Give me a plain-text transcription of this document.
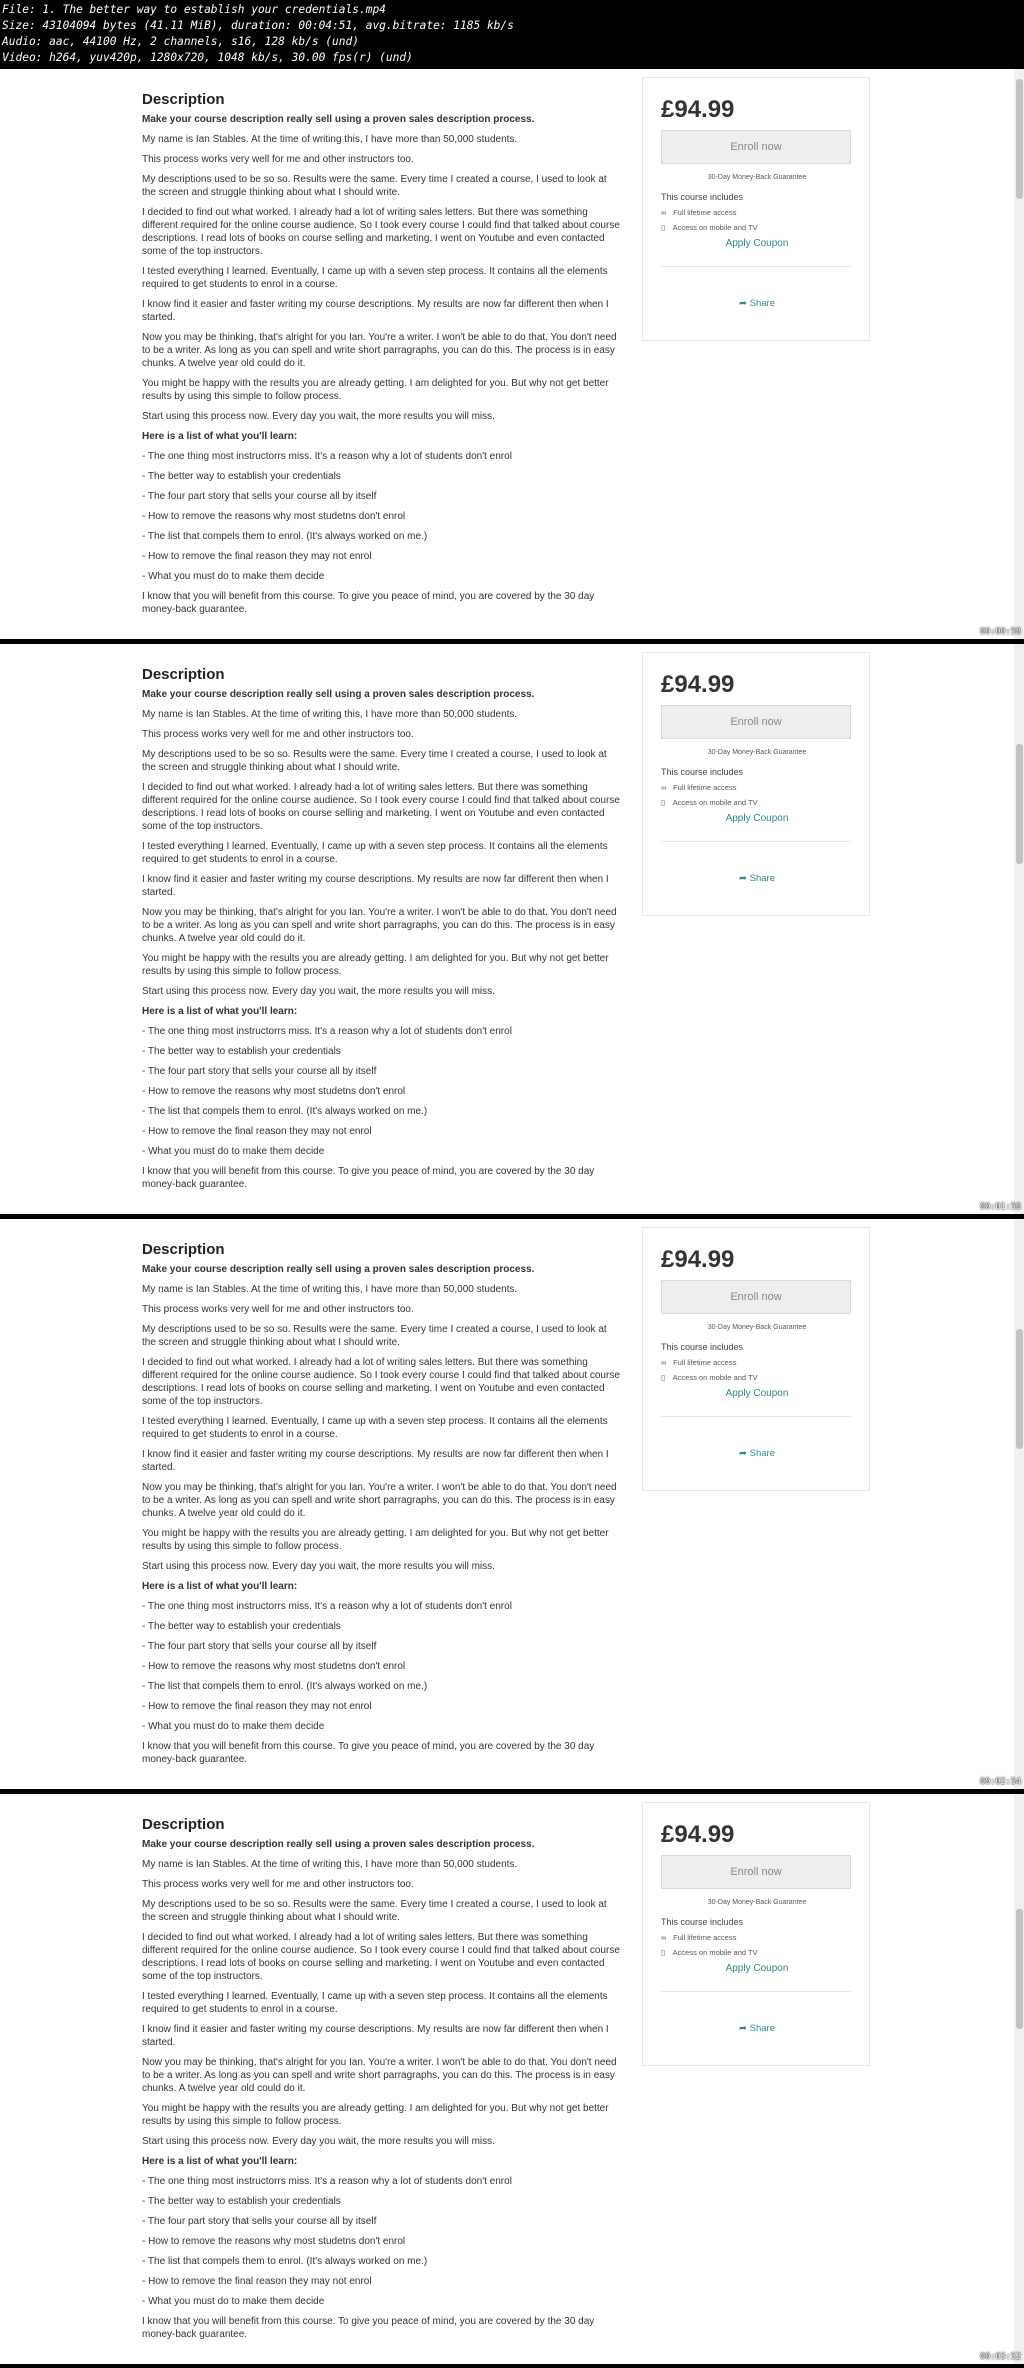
File: 1. The better way to establish your credentials.mp4
Size: 43104094 bytes (41.11 MiB), duration: 00:04:51, avg.bitrate: 1185 kb/s
Audio: aac, 44100 Hz, 2 channels, s16, 128 kb/s (und)
Video: h264, yuv420p, 1280x720, 1048 kb/s, 30.00 fps(r) (und)
Description

Make your course description really sell using a proven sales description process.

My name is Ian Stables. At the time of writing this, I have more than 50,000 students.

This process works very well for me and other instructors too.

My descriptions used to be so so. Results were the same. Every time I created a course, I used to look at the screen and struggle thinking about what I should write.

I decided to find out what worked. I already had a lot of writing sales letters. But there was something different required for the online course audience. So I took every course I could find that talked about course descriptions. I read lots of books on course selling and marketing. I went on Youtube and even contacted some of the top instructors.

I tested everything I learned. Eventually, I came up with a seven step process. It contains all the elements required to get students to enrol in a course.

I know find it easier and faster writing my course descriptions. My results are now far different then when I started.

Now you may be thinking, that's alright for you Ian. You're a writer. I won't be able to do that. You don't need to be a writer. As long as you can spell and write short parragraphs, you can do this. The process is in easy chunks. A twelve year old could do it.

You might be happy with the results you are already getting. I am delighted for you. But why not get better results by using this simple to follow process.

Start using this process now. Every day you wait, the more results you will miss.

Here is a list of what you'll learn:

- The one thing most instructorrs miss. It's a reason why a lot of students don't enrol

- The better way to establish your credentials

- The four part story that sells your course all by itself

- How to remove the reasons why most studetns don't enrol

- The list that compels them to enrol. (It's always worked on me.)

- How to remove the final reason they may not enrol

- What you must do to make them decide

I know that you will benefit from this course. To give you peace of mind, you are covered by the 30 day money-back guarantee.

£94.99
Enroll now
30-Day Money-Back Guarantee
This course includes
∞ Full lifetime access
▯ Access on mobile and TV
Apply Coupon
➦ Share
00:00:58
Description

Make your course description really sell using a proven sales description process.

My name is Ian Stables. At the time of writing this, I have more than 50,000 students.

This process works very well for me and other instructors too.

My descriptions used to be so so. Results were the same. Every time I created a course, I used to look at the screen and struggle thinking about what I should write.

I decided to find out what worked. I already had a lot of writing sales letters. But there was something different required for the online course audience. So I took every course I could find that talked about course descriptions. I read lots of books on course selling and marketing. I went on Youtube and even contacted some of the top instructors.

I tested everything I learned. Eventually, I came up with a seven step process. It contains all the elements required to get students to enrol in a course.

I know find it easier and faster writing my course descriptions. My results are now far different then when I started.

Now you may be thinking, that's alright for you Ian. You're a writer. I won't be able to do that. You don't need to be a writer. As long as you can spell and write short parragraphs, you can do this. The process is in easy chunks. A twelve year old could do it.

You might be happy with the results you are already getting. I am delighted for you. But why not get better results by using this simple to follow process.

Start using this process now. Every day you wait, the more results you will miss.

Here is a list of what you'll learn:

- The one thing most instructorrs miss. It's a reason why a lot of students don't enrol

- The better way to establish your credentials

- The four part story that sells your course all by itself

- How to remove the reasons why most studetns don't enrol

- The list that compels them to enrol. (It's always worked on me.)

- How to remove the final reason they may not enrol

- What you must do to make them decide

I know that you will benefit from this course. To give you peace of mind, you are covered by the 30 day money-back guarantee.

£94.99
Enroll now
30-Day Money-Back Guarantee
This course includes
∞ Full lifetime access
▯ Access on mobile and TV
Apply Coupon
➦ Share
00:01:56
Description

Make your course description really sell using a proven sales description process.

My name is Ian Stables. At the time of writing this, I have more than 50,000 students.

This process works very well for me and other instructors too.

My descriptions used to be so so. Results were the same. Every time I created a course, I used to look at the screen and struggle thinking about what I should write.

I decided to find out what worked. I already had a lot of writing sales letters. But there was something different required for the online course audience. So I took every course I could find that talked about course descriptions. I read lots of books on course selling and marketing. I went on Youtube and even contacted some of the top instructors.

I tested everything I learned. Eventually, I came up with a seven step process. It contains all the elements required to get students to enrol in a course.

I know find it easier and faster writing my course descriptions. My results are now far different then when I started.

Now you may be thinking, that's alright for you Ian. You're a writer. I won't be able to do that. You don't need to be a writer. As long as you can spell and write short parragraphs, you can do this. The process is in easy chunks. A twelve year old could do it.

You might be happy with the results you are already getting. I am delighted for you. But why not get better results by using this simple to follow process.

Start using this process now. Every day you wait, the more results you will miss.

Here is a list of what you'll learn:

- The one thing most instructorrs miss. It's a reason why a lot of students don't enrol

- The better way to establish your credentials

- The four part story that sells your course all by itself

- How to remove the reasons why most studetns don't enrol

- The list that compels them to enrol. (It's always worked on me.)

- How to remove the final reason they may not enrol

- What you must do to make them decide

I know that you will benefit from this course. To give you peace of mind, you are covered by the 30 day money-back guarantee.

£94.99
Enroll now
30-Day Money-Back Guarantee
This course includes
∞ Full lifetime access
▯ Access on mobile and TV
Apply Coupon
➦ Share
00:02:54
Description

Make your course description really sell using a proven sales description process.

My name is Ian Stables. At the time of writing this, I have more than 50,000 students.

This process works very well for me and other instructors too.

My descriptions used to be so so. Results were the same. Every time I created a course, I used to look at the screen and struggle thinking about what I should write.

I decided to find out what worked. I already had a lot of writing sales letters. But there was something different required for the online course audience. So I took every course I could find that talked about course descriptions. I read lots of books on course selling and marketing. I went on Youtube and even contacted some of the top instructors.

I tested everything I learned. Eventually, I came up with a seven step process. It contains all the elements required to get students to enrol in a course.

I know find it easier and faster writing my course descriptions. My results are now far different then when I started.

Now you may be thinking, that's alright for you Ian. You're a writer. I won't be able to do that. You don't need to be a writer. As long as you can spell and write short parragraphs, you can do this. The process is in easy chunks. A twelve year old could do it.

You might be happy with the results you are already getting. I am delighted for you. But why not get better results by using this simple to follow process.

Start using this process now. Every day you wait, the more results you will miss.

Here is a list of what you'll learn:

- The one thing most instructorrs miss. It's a reason why a lot of students don't enrol

- The better way to establish your credentials

- The four part story that sells your course all by itself

- How to remove the reasons why most studetns don't enrol

- The list that compels them to enrol. (It's always worked on me.)

- How to remove the final reason they may not enrol

- What you must do to make them decide

I know that you will benefit from this course. To give you peace of mind, you are covered by the 30 day money-back guarantee.

£94.99
Enroll now
30-Day Money-Back Guarantee
This course includes
∞ Full lifetime access
▯ Access on mobile and TV
Apply Coupon
➦ Share
00:03:52
